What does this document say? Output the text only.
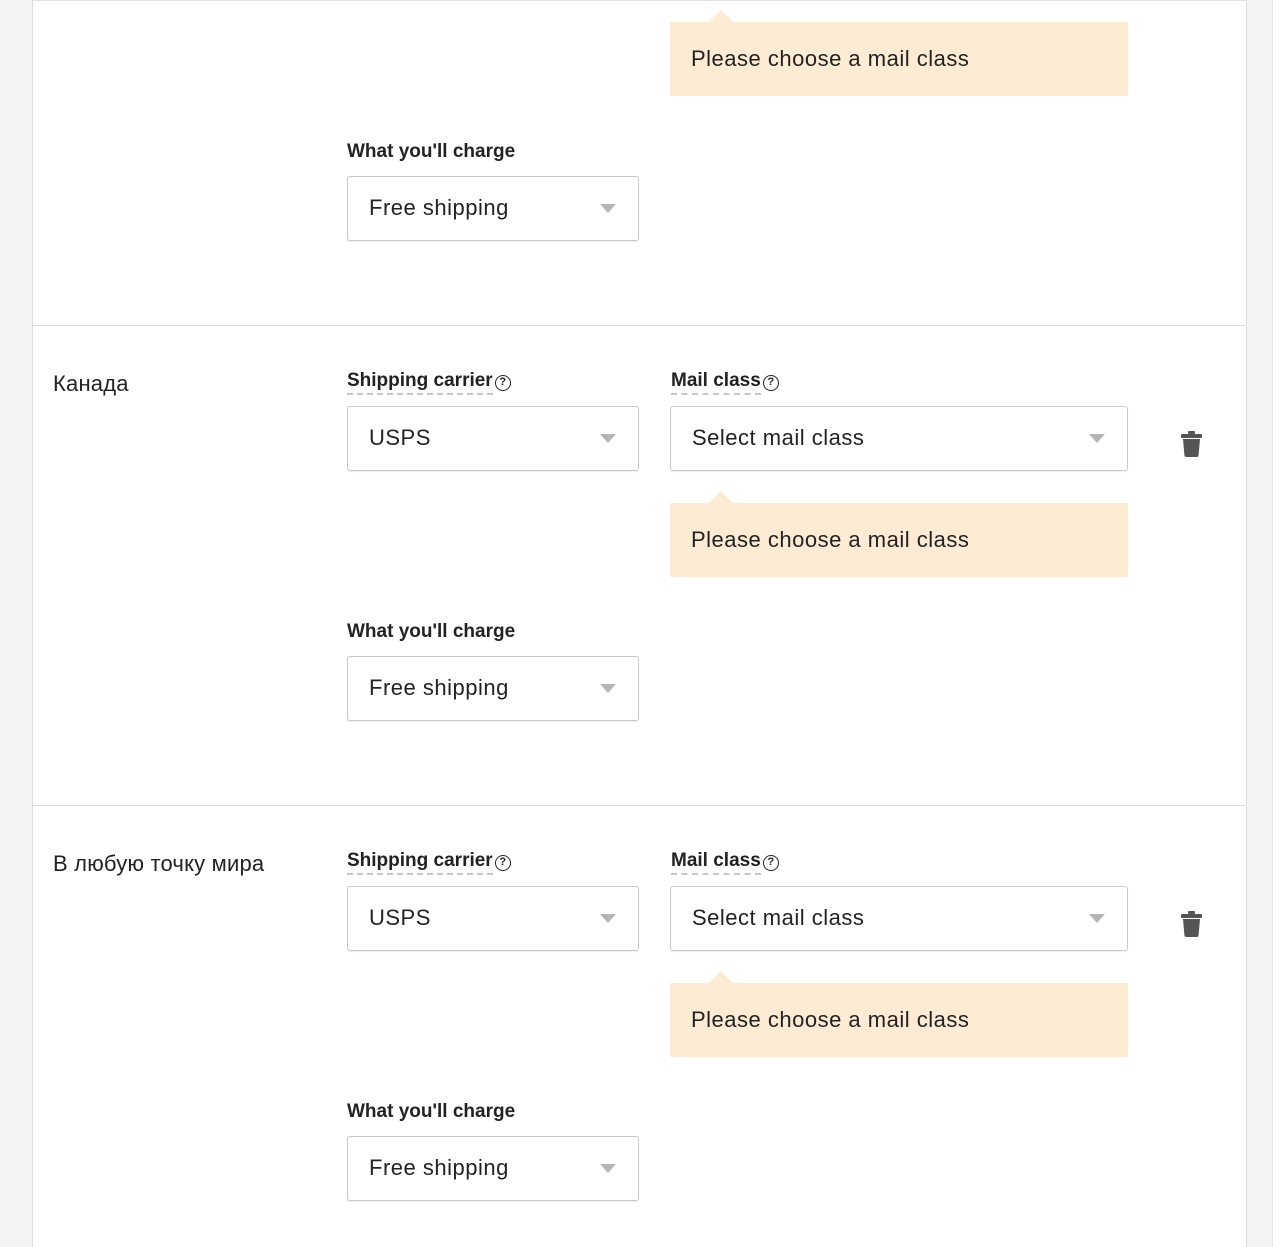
Please choose a mail class
What you'll charge
Free shipping
Канада	Shipping carrier ?	Mail class ?
USPS	Select mail class
Please choose a mail class
What you'll charge
Free shipping
В любую точку мира	Shipping carrier ?	Mail class ?
USPS	Select mail class
Please choose a mail class
What you'll charge
Free shipping
